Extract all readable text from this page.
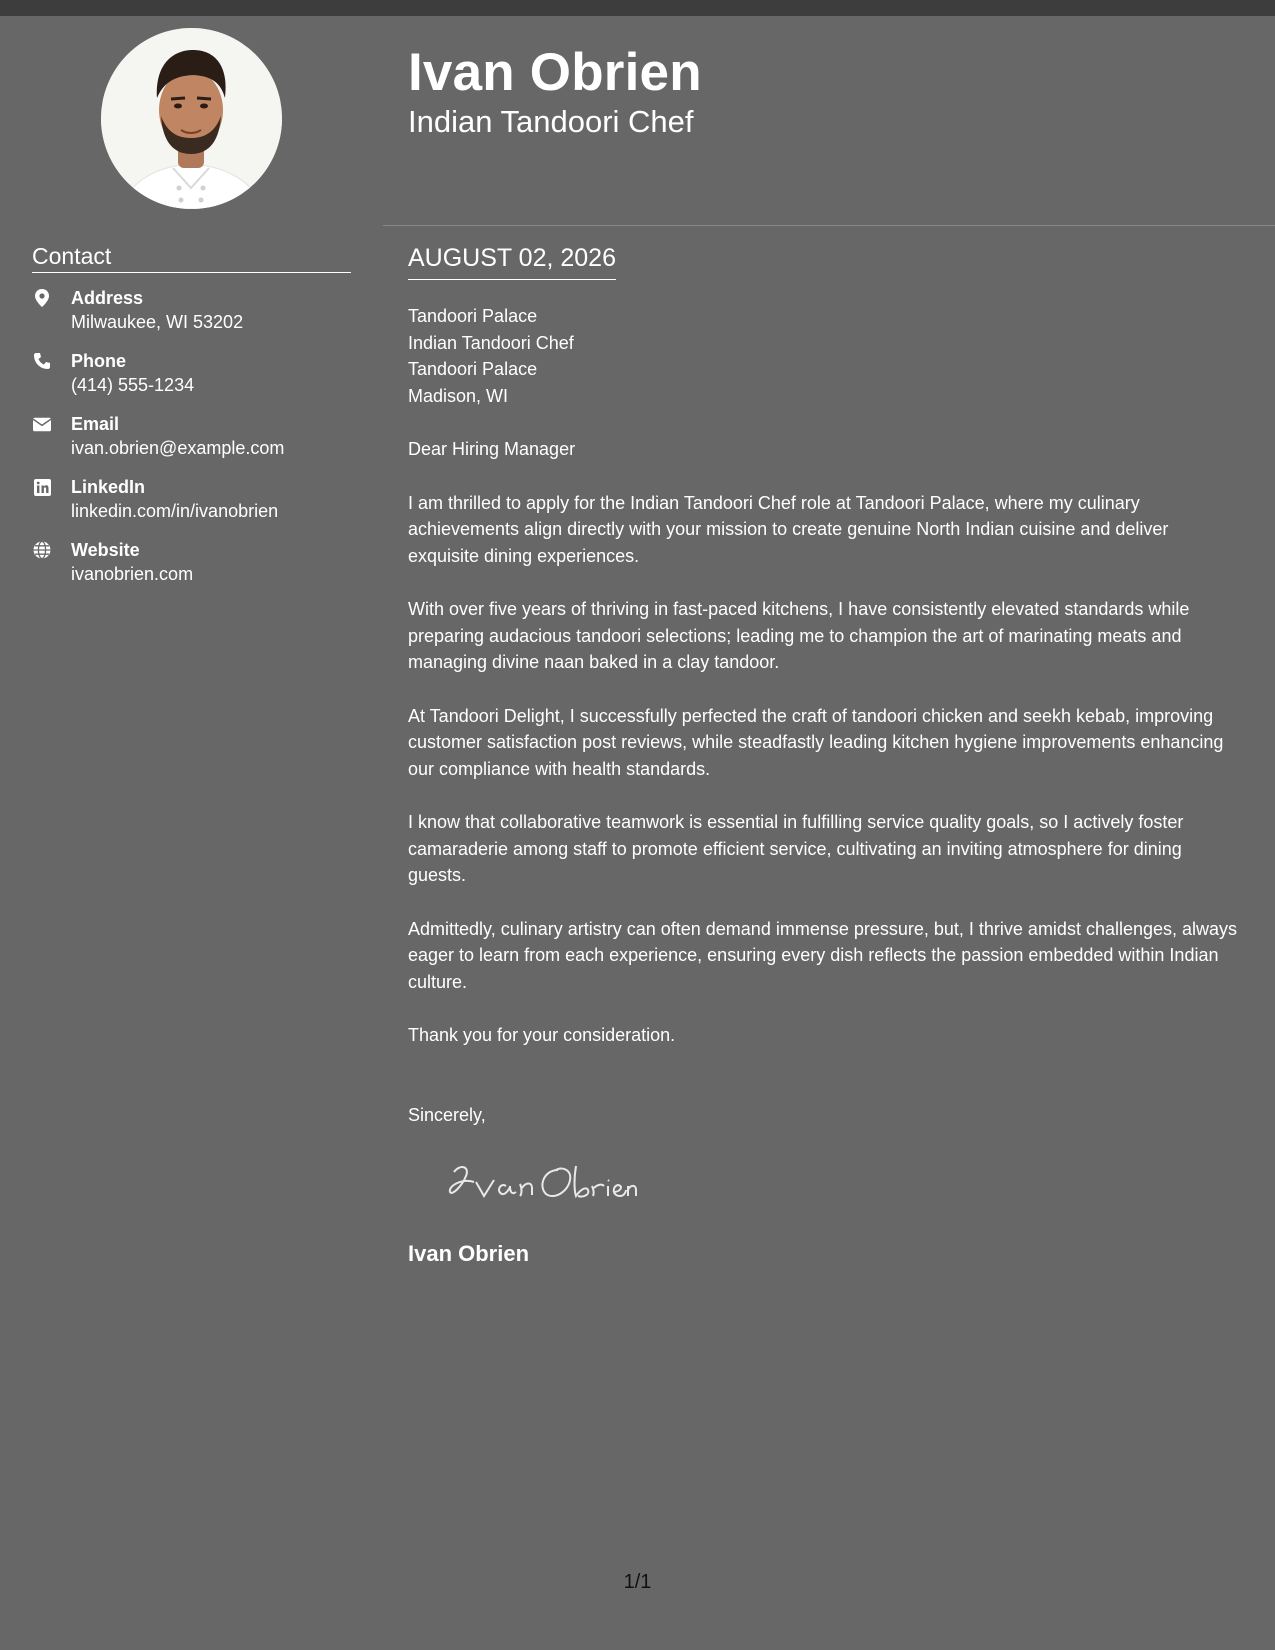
Contact
Address
Milwaukee, WI 53202
Phone
(414) 555-1234
Email
ivan.obrien@example.com
LinkedIn
linkedin.com/in/ivanobrien
Website
ivanobrien.com
Ivan Obrien
Indian Tandoori Chef
AUGUST 02, 2026
Tandoori Palace
Indian Tandoori Chef
Tandoori Palace
Madison, WI

Dear Hiring Manager

I am thrilled to apply for the Indian Tandoori Chef role at Tandoori Palace, where my culinary achievements align directly with your mission to create genuine North Indian cuisine and deliver exquisite dining experiences.

With over five years of thriving in fast-paced kitchens, I have consistently elevated standards while preparing audacious tandoori selections; leading me to champion the art of marinating meats and managing divine naan baked in a clay tandoor.

At Tandoori Delight, I successfully perfected the craft of tandoori chicken and seekh kebab, improving customer satisfaction post reviews, while steadfastly leading kitchen hygiene improvements enhancing our compliance with health standards.

I know that collaborative teamwork is essential in fulfilling service quality goals, so I actively foster camaraderie among staff to promote efficient service, cultivating an inviting atmosphere for dining guests.

Admittedly, culinary artistry can often demand immense pressure, but, I thrive amidst challenges, always eager to learn from each experience, ensuring every dish reflects the passion embedded within Indian culture.

Thank you for your consideration.

Sincerely,

Ivan Obrien
1/1
